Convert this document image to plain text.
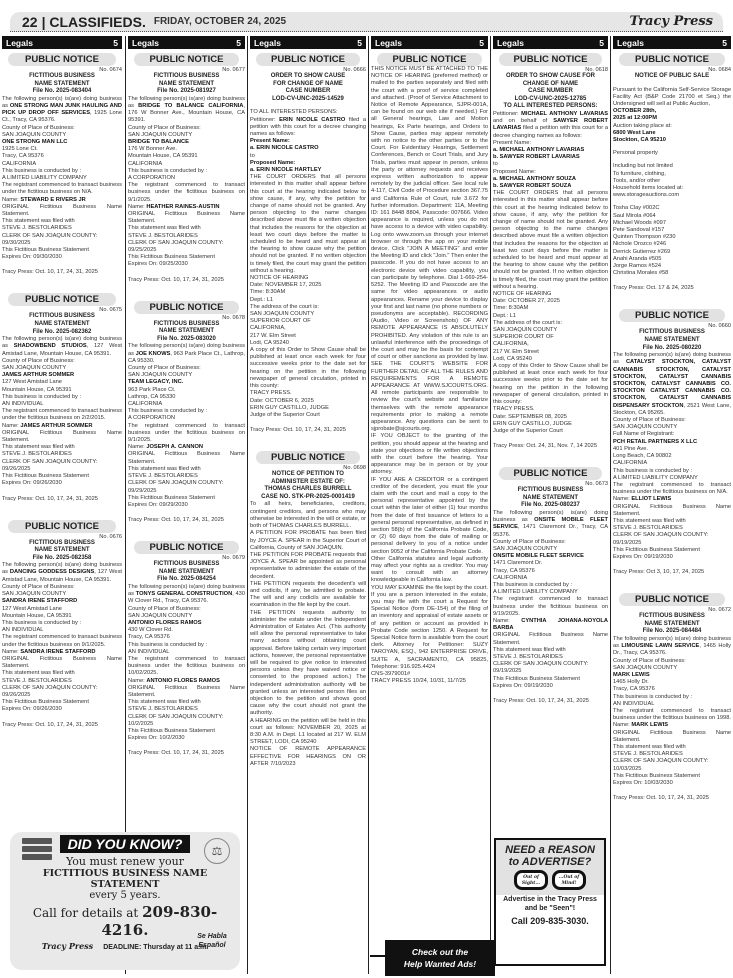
22 | CLASSIFIEDS. FRIDAY, OCTOBER 24, 2025	Tracy Press
Legals	5
PUBLIC NOTICE
No. 0674
FICTITIOUS BUSINESS
NAME STATEMENT
File No. 2025-083404

The following person(s) is(are) doing business as ONE STRONG MAN JUNK HAULING AND PICK UP DROP OFF SERVICES, 1925 Lone Ct., Tracy, CA 95376.

County of Place of Business:

SAN JOAQUIN COUNTY

ONE STRONG MAN LLC

1925 Lone Ct.

Tracy, CA 95376

CALIFORNIA

This business is conducted by :

A LIMITED LIABILITY COMPANY

The registrant commenced to transact business under the fictitious business on N/A.

Name: STEWARD E RIVERS JR

ORIGINAL Fictitious Business Name Statement.

This statement was filed with

STEVE J. BESTOLARIDES

CLERK OF SAN JOAQUIN COUNTY:

09/30/2025

This Fictitious Business Statement

Expires On: 09/30/2030

Tracy Press: Oct. 10, 17, 24, 31, 2025
PUBLIC NOTICE
No. 0675
FICTITIOUS BUSINESS
NAME STATEMENT
File No. 2025-082362

The following person(s) is(are) doing business as SHADOWBEND STUDIOS, 127 West Amistad Lane, Mountain House, CA 95391.

County of Place of Business:

SAN JOAQUIN COUNTY

JAMES ARTHUR SOMMER

127 West Amistad Lane

Mountain House, CA 95391

This business is conducted by :

AN INDIVIDUAL

The registrant commenced to transact business under the fictitious business on 2/2/2015.

Name: JAMES ARTHUR SOMMER

ORIGINAL Fictitious Business Name Statement.

This statement was filed with

STEVE J. BESTOLARIDES

CLERK OF SAN JOAQUIN COUNTY:

09/26/2025

This Fictitious Business Statement

Expires On: 09/26/2030

Tracy Press: Oct. 10, 17, 24, 31, 2025
PUBLIC NOTICE
No. 0676
FICTITIOUS BUSINESS
NAME STATEMENT
File No. 2025-082358

The following person(s) is(are) doing business as DANCING GODDESS DESIGNS, 127 West Amistad Lane, Mountain House, CA 95391.

County of Place of Business:

SAN JOAQUIN COUNTY

SANDRA IRENE STAFFORD

127 West Amistad Lane

Mountain House, CA 95391

This business is conducted by :

AN INDIVIDUAL

The registrant commenced to transact business under the fictitious business on 9/1/2025.

Name: SANDRA IRENE STAFFORD

ORIGINAL Fictitious Business Name Statement.

This statement was filed with

STEVE J. BESTOLARIDES

CLERK OF SAN JOAQUIN COUNTY:

09/26/2025

This Fictitious Business Statement

Expires On: 09/26/2030

Tracy Press: Oct. 10, 17, 24, 31, 2025
Legals	5
PUBLIC NOTICE
No. 0677
FICTITIOUS BUSINESS
NAME STATEMENT
File No. 2025-081927

The following person(s) is(are) doing business as BRIDGE TO BALANCE CALIFORNIA, 176 W Bonner Ave., Mountain House, CA 95391.

County of Place of Business:

SAN JOAQUIN COUNTY

BRIDGE TO BALANCE

176 W Bonner Ave.

Mountain House, CA 95391

CALIFORNIA

This business is conducted by :

A CORPORATION

The registrant commenced to transact business under the fictitious business on 9/1/2025.

Name: HEATHER RAINES-AUSTIN

ORIGINAL Fictitious Business Name Statement.

This statement was filed with

STEVE J. BESTOLARIDES

CLERK OF SAN JOAQUIN COUNTY:

09/25/2025

This Fictitious Business Statement

Expires On: 09/25/2030

Tracy Press: Oct. 10, 17, 24, 31, 2025
PUBLIC NOTICE
No. 0678
FICTITIOUS BUSINESS
NAME STATEMENT
File No. 2025-083020

The following person(s) is(are) doing business as JOE KNOWS, 963 Park Place Ct., Lathrop, CA 95330.

County of Place of Business:

SAN JOAQUIN COUNTY

TEAM LEGACY, INC.

963 Park Place Ct.

Lathrop, CA 95330

CALIFORNIA

This business is conducted by :

A CORPORATION

The registrant commenced to transact business under the fictitious business on 9/1/2025.

Name: JOSEPH A. CANNON

ORIGINAL Fictitious Business Name Statement.

This statement was filed with

STEVE J. BESTOLARIDES

CLERK OF SAN JOAQUIN COUNTY:

09/29/2025

This Fictitious Business Statement

Expires On: 09/29/2030

Tracy Press: Oct. 10, 17, 24, 31, 2025
PUBLIC NOTICE
No. 0679
FICTITIOUS BUSINESS
NAME STATEMENT
File No. 2025-084254

The following person(s) is(are) doing business as TONYS GENERAL CONSTRUCTION, 430 W Clover Rd., Tracy, CA 95376.

County of Place of Business:

SAN JOAQUIN COUNTY

ANTONIO FLORES RAMOS

430 W Clover Rd.

Tracy, CA 95376

This business is conducted by :

AN INDIVIDUAL

The registrant commenced to transact business under the fictitious business on 10/02/2025.

Name: ANTONIO FLORES RAMOS

ORIGINAL Fictitious Business Name Statement.

This statement was filed with

STEVE J. BESTOLARIDES

CLERK OF SAN JOAQUIN COUNTY:

10/2/2025

This Fictitious Business Statement

Expires On: 10/2/2030

Tracy Press: Oct. 10, 17, 24, 31, 2025
Legals	5
PUBLIC NOTICE
No. 0666
ORDER TO SHOW CAUSE
FOR CHANGE OF NAME
CASE NUMBER
LOD-CV-UNC-2025-14529

TO ALL INTERESTED PERSONS:

Petitioner: ERIN NICOLE CASTRO filed a petition with this court for a decree changing names as follows:

Present Name:

a. ERIN NICOLE CASTRO

to

Proposed Name:

a. ERIN NICOLE HARTLEY

THE COURT ORDERS that all persons interested in this matter shall appear before this court at the hearing indicated below to show cause, if any, why the petition for change of name should not be granted. Any person objecting to the name changes described above must file a written objection that includes the reasons for the objection at least two court days before the matter is scheduled to be heard and must appear at the hearing to show cause why the petition should not be granted. If no written objection is timely filed, the court may grant the petition without a hearing.

NOTICE OF HEARING

Date: NOVEMBER 17, 2025

Time: 8:30AM

Dept.: L1

The address of the court is:

SAN JOAQUIN COUNTY

SUPERIOR COURT OF

CALIFORNIA,

217 W. Elm Street

Lodi, CA 95240

A copy of this Order to Show Cause shall be published at least once each week for four successive weeks prior to the date set for hearing on the petition in the following newspaper of general circulation, printed in this county:

TRACY PRESS.

Date: OCTOBER 6, 2025

ERIN GUY CASTILLO, JUDGE

Judge of the Superior Court

Tracy Press: Oct. 10, 17, 24, 31, 2025
PUBLIC NOTICE
No. 0698
NOTICE OF PETITION TO
ADMINISTER ESTATE OF:
THOMAS CHARLES BURRELL
CASE NO. STK-PR-2025-0001419

To all heirs, beneficiaries, creditors, contingent creditors, and persons who may otherwise be interested in the will or estate, or both of THOMAS CHARLES BURRELL.

A PETITION FOR PROBATE has been filed by JOYCE A. SPEAR in the Superior Court of California, County of SAN JOAQUIN.

THE PETITION FOR PROBATE requests that JOYCE A. SPEAR be appointed as personal representative to administer the estate of the decedent.

THE PETITION requests the decedent's will and codicils, if any, be admitted to probate. The will and any codicils are available for examination in the file kept by the court.

THE PETITION requests authority to administer the estate under the Independent Administration of Estates Act. (This authority will allow the personal representative to take many actions without obtaining court approval. Before taking certain very important actions, however, the personal representative will be required to give notice to interested persons unless they have waived notice or consented to the proposed action.) The independent administration authority will be granted unless an interested person files an objection to the petition and shows good cause why the court should not grant the authority.

A HEARING on the petition will be held in this court as follows: NOVEMBER 20, 2025 at 8:30 A.M. in Dept. L1 located at 217 W. ELM STREET, LODI, CA 95240

NOTICE OF REMOTE APPEARANCE EFFECTIVE FOR HEARINGS ON OR AFTER 7/10/2023

Legals	5
PUBLIC NOTICE

THIS NOTICE MUST BE ATTACHED TO THE NOTICE OF HEARING (preferred method) or mailed to the parties separately and filed with the court with a proof of service completed and attached. (Proof of Service Attachment to Notice of Remote Appearance, SJPR-001A, can be found on our web site if needed.) For all General hearings, Law and Motion hearings, Ex Parte hearings, and Orders to Show Cause, parties may appear remotely with no notice to the other parties or to the Court. For Evidentiary Hearings, Settlement Conferences, Bench or Court Trials, and Jury Trials, parties must appear in person, unless the party or attorney requests and receives express written authorization to appear remotely by the judicial officer. See local rule 4-117, Civil Code of Procedure section 367.75 and California Rule of Court, rule 3.672 for further information. Department: 11A, Meeting ID: 161 8448 8804, Passcode: 007666. Video appearance is required, unless you do not have access to a device with video capability. Log onto www.zoom.us through your internet browser or through the app on your mobile device. Click "JOIN A MEETING" and enter the Meeting ID and click "Join." Then enter the passcode. If you do not have access to an electronic device with video capability, you can participate by telephone. Dial 1-669-254-5252. The Meeting ID and Passcode are the same for video appearances or audio appearances. Rename your device to display your first and last name (no phone numbers or pseudonyms are acceptable). RECORDING (Audio, Video or Screenshots) OF ANY REMOTE APPEARANCE IS ABSOLUTELY PROHIBITED. Any violation of this rule is an unlawful interference with the proceedings of the court and may be the basis for contempt of court or other sanctions as provided by law. SEE THE COURT'S WEBSITE FOR FURTHER DETAIL OF ALL THE RULES AND REQUIREMENTS FOR A REMOTE APPEARANCE AT WWW.SJCOURTS.ORG. All remote participants are responsible to review the court's website and familiarize themselves with the remote appearance requirements prior to making a remote appearance. Any questions can be sent to sjprobate@sjcourts.org.

IF YOU OBJECT to the granting of the petition, you should appear at the hearing and state your objections or file written objections with the court before the hearing. Your appearance may be in person or by your attorney.

IF YOU ARE A CREDITOR or a contingent creditor of the decedent, you must file your claim with the court and mail a copy to the personal representative appointed by the court within the later of either (1) four months from the date of first issuance of letters to a general personal representative, as defined in section 58(b) of the California Probate Code, or (2) 60 days from the date of mailing or personal delivery to you of a notice under section 9052 of the California Probate Code.

Other California statutes and legal authority may affect your rights as a creditor. You may want to consult with an attorney knowledgeable in California law.

YOU MAY EXAMINE the file kept by the court. If you are a person interested in the estate, you may file with the court a Request for Special Notice (form DE-154) of the filing of an inventory and appraisal of estate assets or of any petition or account as provided in Probate Code section 1250. A Request for Special Notice form is available from the court clerk. Attorney for Petitioner: SUZY TAROYAN, ESQ., 942 ENTERPRISE DRIVE, SUITE A, SACRAMENTO, CA 95825, Telephone: 916.925.4424

CNS-3979001#

TRACY PRESS 10/24, 10/31, 11/7/25

Legals	5
PUBLIC NOTICE
No. 0618
ORDER TO SHOW CAUSE FOR
CHANGE OF NAME
CASE NUMBER
LOD-CV-UNC-2025-12785
TO ALL INTERESTED PERSONS:

Petitioner: MICHAEL ANTHONY LAVARIAS and on behalf of SAWYER ROBERT LAVARIAS filed a petition with this court for a decree changing names as follows:

Present Name:

a. MICHAEL ANTHONY LAVARIAS

b. SAWYER ROBERT LAVARIAS

to

Proposed Name:

a. MICHAEL ANTHONY SOUZA

b. SAWYER ROBERT SOUZA

THE COURT ORDERS that all persons interested in this matter shall appear before this court at the hearing indicated below to show cause, if any, why the petition for change of name should not be granted. Any person objecting to the name changes described above must file a written objection that includes the reasons for the objection at least two court days before the matter is scheduled to be heard and must appear at the hearing to show cause why the petition should not be granted. If no written objection is timely filed, the court may grant the petition without a hearing.

NOTICE OF HEARING

Date: OCTOBER 27, 2025

Time: 8:30AM

Dept.: L1

The address of the court is:

SAN JOAQUIN COUNTY

SUPERIOR COURT OF

CALIFORNIA,

217 W. Elm Street

Lodi, CA 95240

A copy of this Order to Show Cause shall be published at least once each week for four successive weeks prior to the date set for hearing on the petition in the following newspaper of general circulation, printed in this county:

TRACY PRESS.

Date: SEPTEMBER 08, 2025

ERIN GUY CASTILLO, JUDGE

Judge of the Superior Court

Tracy Press: Oct. 24, 31, Nov. 7, 14 2025
PUBLIC NOTICE
No. 0673
FICTITIOUS BUSINESS
NAME STATEMENT
File No. 2025-080237

The following person(s) is(are) doing business as ONSITE MOBILE FLEET SERVICE, 1471 Claremont Dr., Tracy, CA 95376.

County of Place of Business:

SAN JOAQUIN COUNTY

ONSITE MOBILE FLEET SERVICE

1471 Claremont Dr.

Tracy, CA 95376

CALIFORNIA

This business is conducted by :

A LIMITED LIABILITY COMPANY

The registrant commenced to transact business under the fictitious business on 9/19/2025.

Name: CYNTHIA JOHANA-NOYOLA BARBA

ORIGINAL Fictitious Business Name Statement.

This statement was filed with

STEVE J. BESTOLARIDES

CLERK OF SAN JOAQUIN COUNTY:

09/19/2025

This Fictitious Business Statement

Expires On: 09/19/2030

Tracy Press: Oct. 10, 17, 24, 31, 2025
Legals	5
PUBLIC NOTICE
No. 0684
NOTICE OF PUBLIC SALE

Pursuant to the California Self-Service Storage Facility Act (B&P Code 21700 et Seq.) the Undersigned will sell at Public Auction,

OCTOBER 28th,

2025 at 12:00PM

Auction taking place at:

6800 West Lane

Stockton, CA 95210

Personal property

Including but not limited

To furniture, clothing,

Tools, and/or other

Household items located at:

www.storageauctions.com

Tosha Clay #002C

Saul Mirola #064

Michael Woods #097

Pete Sandoval #157

Quinten Thompson #230

Nichole Orozco #246

Derrick Gutierrez #269

Anahi Aranda #505

Jorge Ramos #524

Christina Morales #58

Tracy Press: Oct. 17 & 24, 2025
PUBLIC NOTICE
No. 0660
FICTITIOUS BUSINESS
NAME STATEMENT
File No. 2025-080220

The following person(s) is(are) doing business as CATALYST STOCKTON, CATALYST CANNABIS STOCKTON, CATALYST STOCKTON, CATALYST CANNABIS STOCKTON, CATALYST CANNABIS CO. STOCKTON CATALYST CANNABIS CO. STOCKTON, CATALYST CANNABIS DISPENSARY STOCKTON, 2521 West Lane, Stockton, CA 95265.

County of Place of Business:

SAN JOAQUIN COUNTY

Full Name of Registrant:

PCH RETAIL PARTNERS X LLC

401 Pine Ave.

Long Beach, CA 90802

CALIFORNIA

This business is conducted by :

A LIMITED LIABILITY COMPANY

The registrant commenced to transact business under the fictitious business on N/A.

Name: ELLIOT LEWIS

ORIGINAL Fictitious Business Name Statement.

This statement was filed with

STEVE J. BESTOLARIDES

CLERK OF SAN JOAQUIN COUNTY:

09/19/2025

This Fictitious Business Statement

Expires On: 09/19/2030

Tracy Press: Oct 3, 10, 17, 24, 2025
PUBLIC NOTICE
No. 0672
FICTITIOUS BUSINESS
NAME STATEMENT
File No. 2025-084484

The following person(s) is(are) doing business as LIMOUSINE LAWN SERVICE, 1465 Holly Dr., Tracy, CA 95376.

County of Place of Business:

SAN JOAQUIN COUNTY

MARK LEWIS

1465 Holly Dr.

Tracy, CA 95376

This business is conducted by :

AN INDIVIDUAL

The registrant commenced to transact business under the fictitious business on 1998.

Name: MARK LEWIS

ORIGINAL Fictitious Business Name Statement.

This statement was filed with

STEVE J. BESTOLARIDES

CLERK OF SAN JOAQUIN COUNTY:

10/03/2025

This Fictitious Business Statement

Expires On: 10/03/2030

Tracy Press: Oct. 10, 17, 24, 31, 2025
⚖
DID YOU KNOW?
You must renew your
FICTITIOUS BUSINESS NAME STATEMENT
every 5 years.
Call for details at 209-830-4216.	Se Habla Español
Tracy Press DEADLINE: Thursday at 11 a.m.	Check out the
Help Wanted Ads!
NEED a REASON
to ADVERTISE?
Out of Sight...
...Out of Mind!
Advertise in the Tracy Press
and be "Seen"!
Call 209-835-3030.
